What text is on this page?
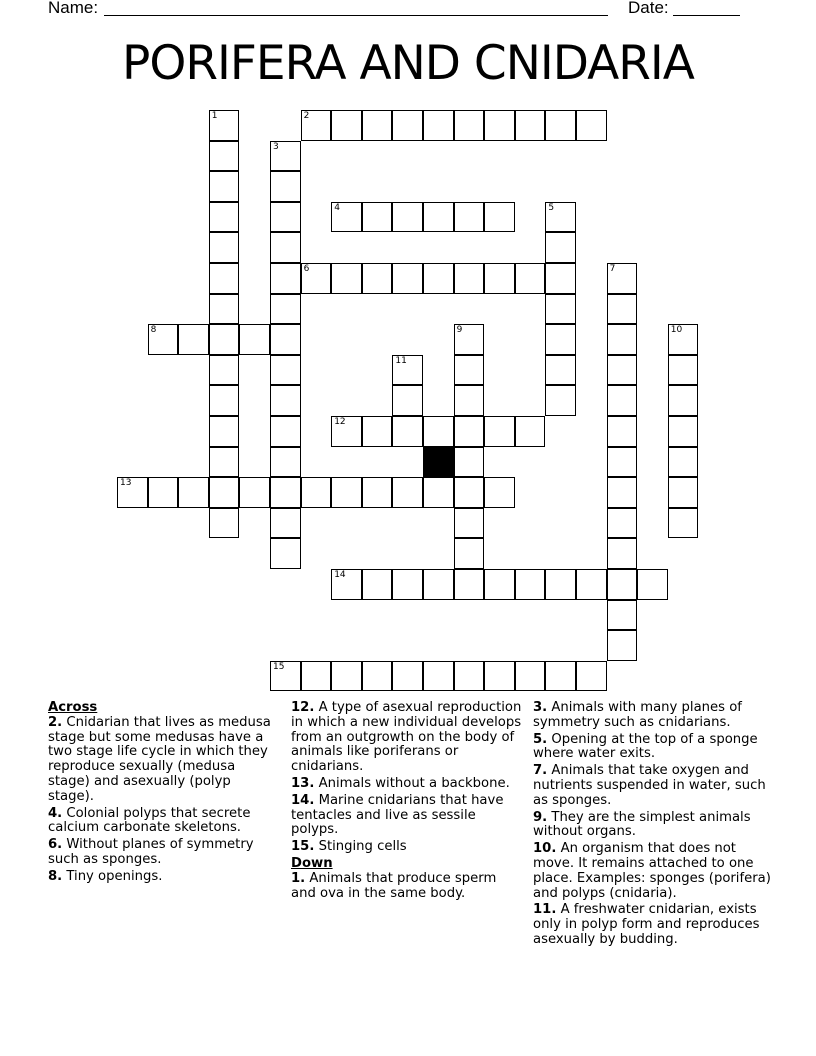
Name:	Date:
PORIFERA AND CNIDARIA
1	2
3
4	5
6	7
8	9	10
11
12
13
14
15
Across
2. Cnidarian that lives as medusa stage but some medusas have a two stage life cycle in which they reproduce sexually (medusa stage) and asexually (polyp stage).
4. Colonial polyps that secrete calcium carbonate skeletons.
6. Without planes of symmetry such as sponges.
8. Tiny openings.
12. A type of asexual reproduction in which a new individual develops from an outgrowth on the body of animals like poriferans or cnidarians.
13. Animals without a backbone.
14. Marine cnidarians that have tentacles and live as sessile polyps.
15. Stinging cells
Down
1. Animals that produce sperm and ova in the same body.
3. Animals with many planes of symmetry such as cnidarians.
5. Opening at the top of a sponge where water exits.
7. Animals that take oxygen and nutrients suspended in water, such as sponges.
9. They are the simplest animals without organs.
10. An organism that does not move. It remains attached to one place. Examples: sponges (porifera) and polyps (cnidaria).
11. A freshwater cnidarian, exists only in polyp form and reproduces asexually by budding.
